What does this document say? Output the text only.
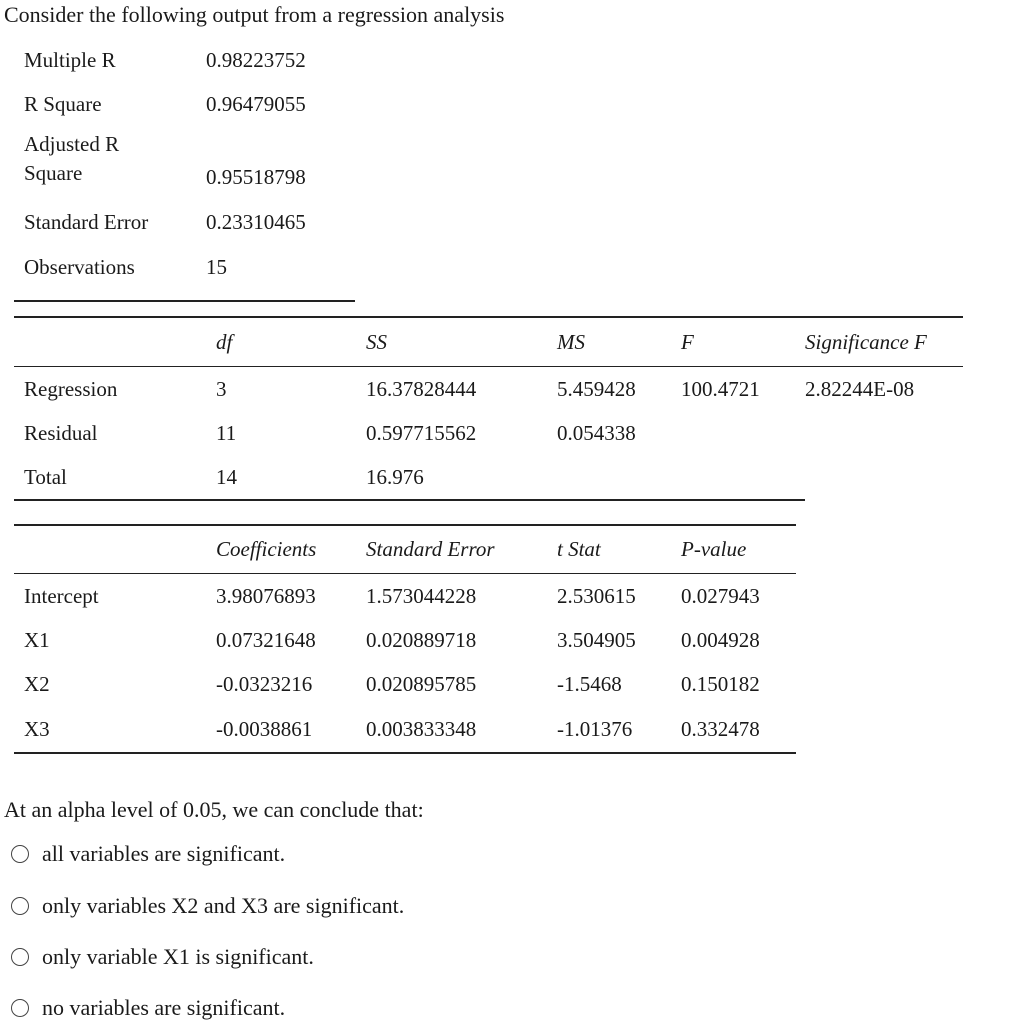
Consider the following output from a regression analysis
Multiple R	0.98223752
R Square	0.96479055
Adjusted R
Square	0.95518798
Standard Error	0.23310465
Observations	15

	df	SS	MS	F	Significance F
Regression	3	16.37828444	5.459428	100.4721	2.82244E-08
Residual	11	0.597715562	0.054338		
Total	14	16.976			
	Coefficients	Standard Error	t Stat	P-value
Intercept	3.98076893	1.573044228	2.530615	0.027943
X1	0.07321648	0.020889718	3.504905	0.004928
X2	-0.0323216	0.020895785	-1.5468	0.150182
X3	-0.0038861	0.003833348	-1.01376	0.332478
At an alpha level of 0.05, we can conclude that:
all variables are significant.
only variables X2 and X3 are significant.
only variable X1 is significant.
no variables are significant.
